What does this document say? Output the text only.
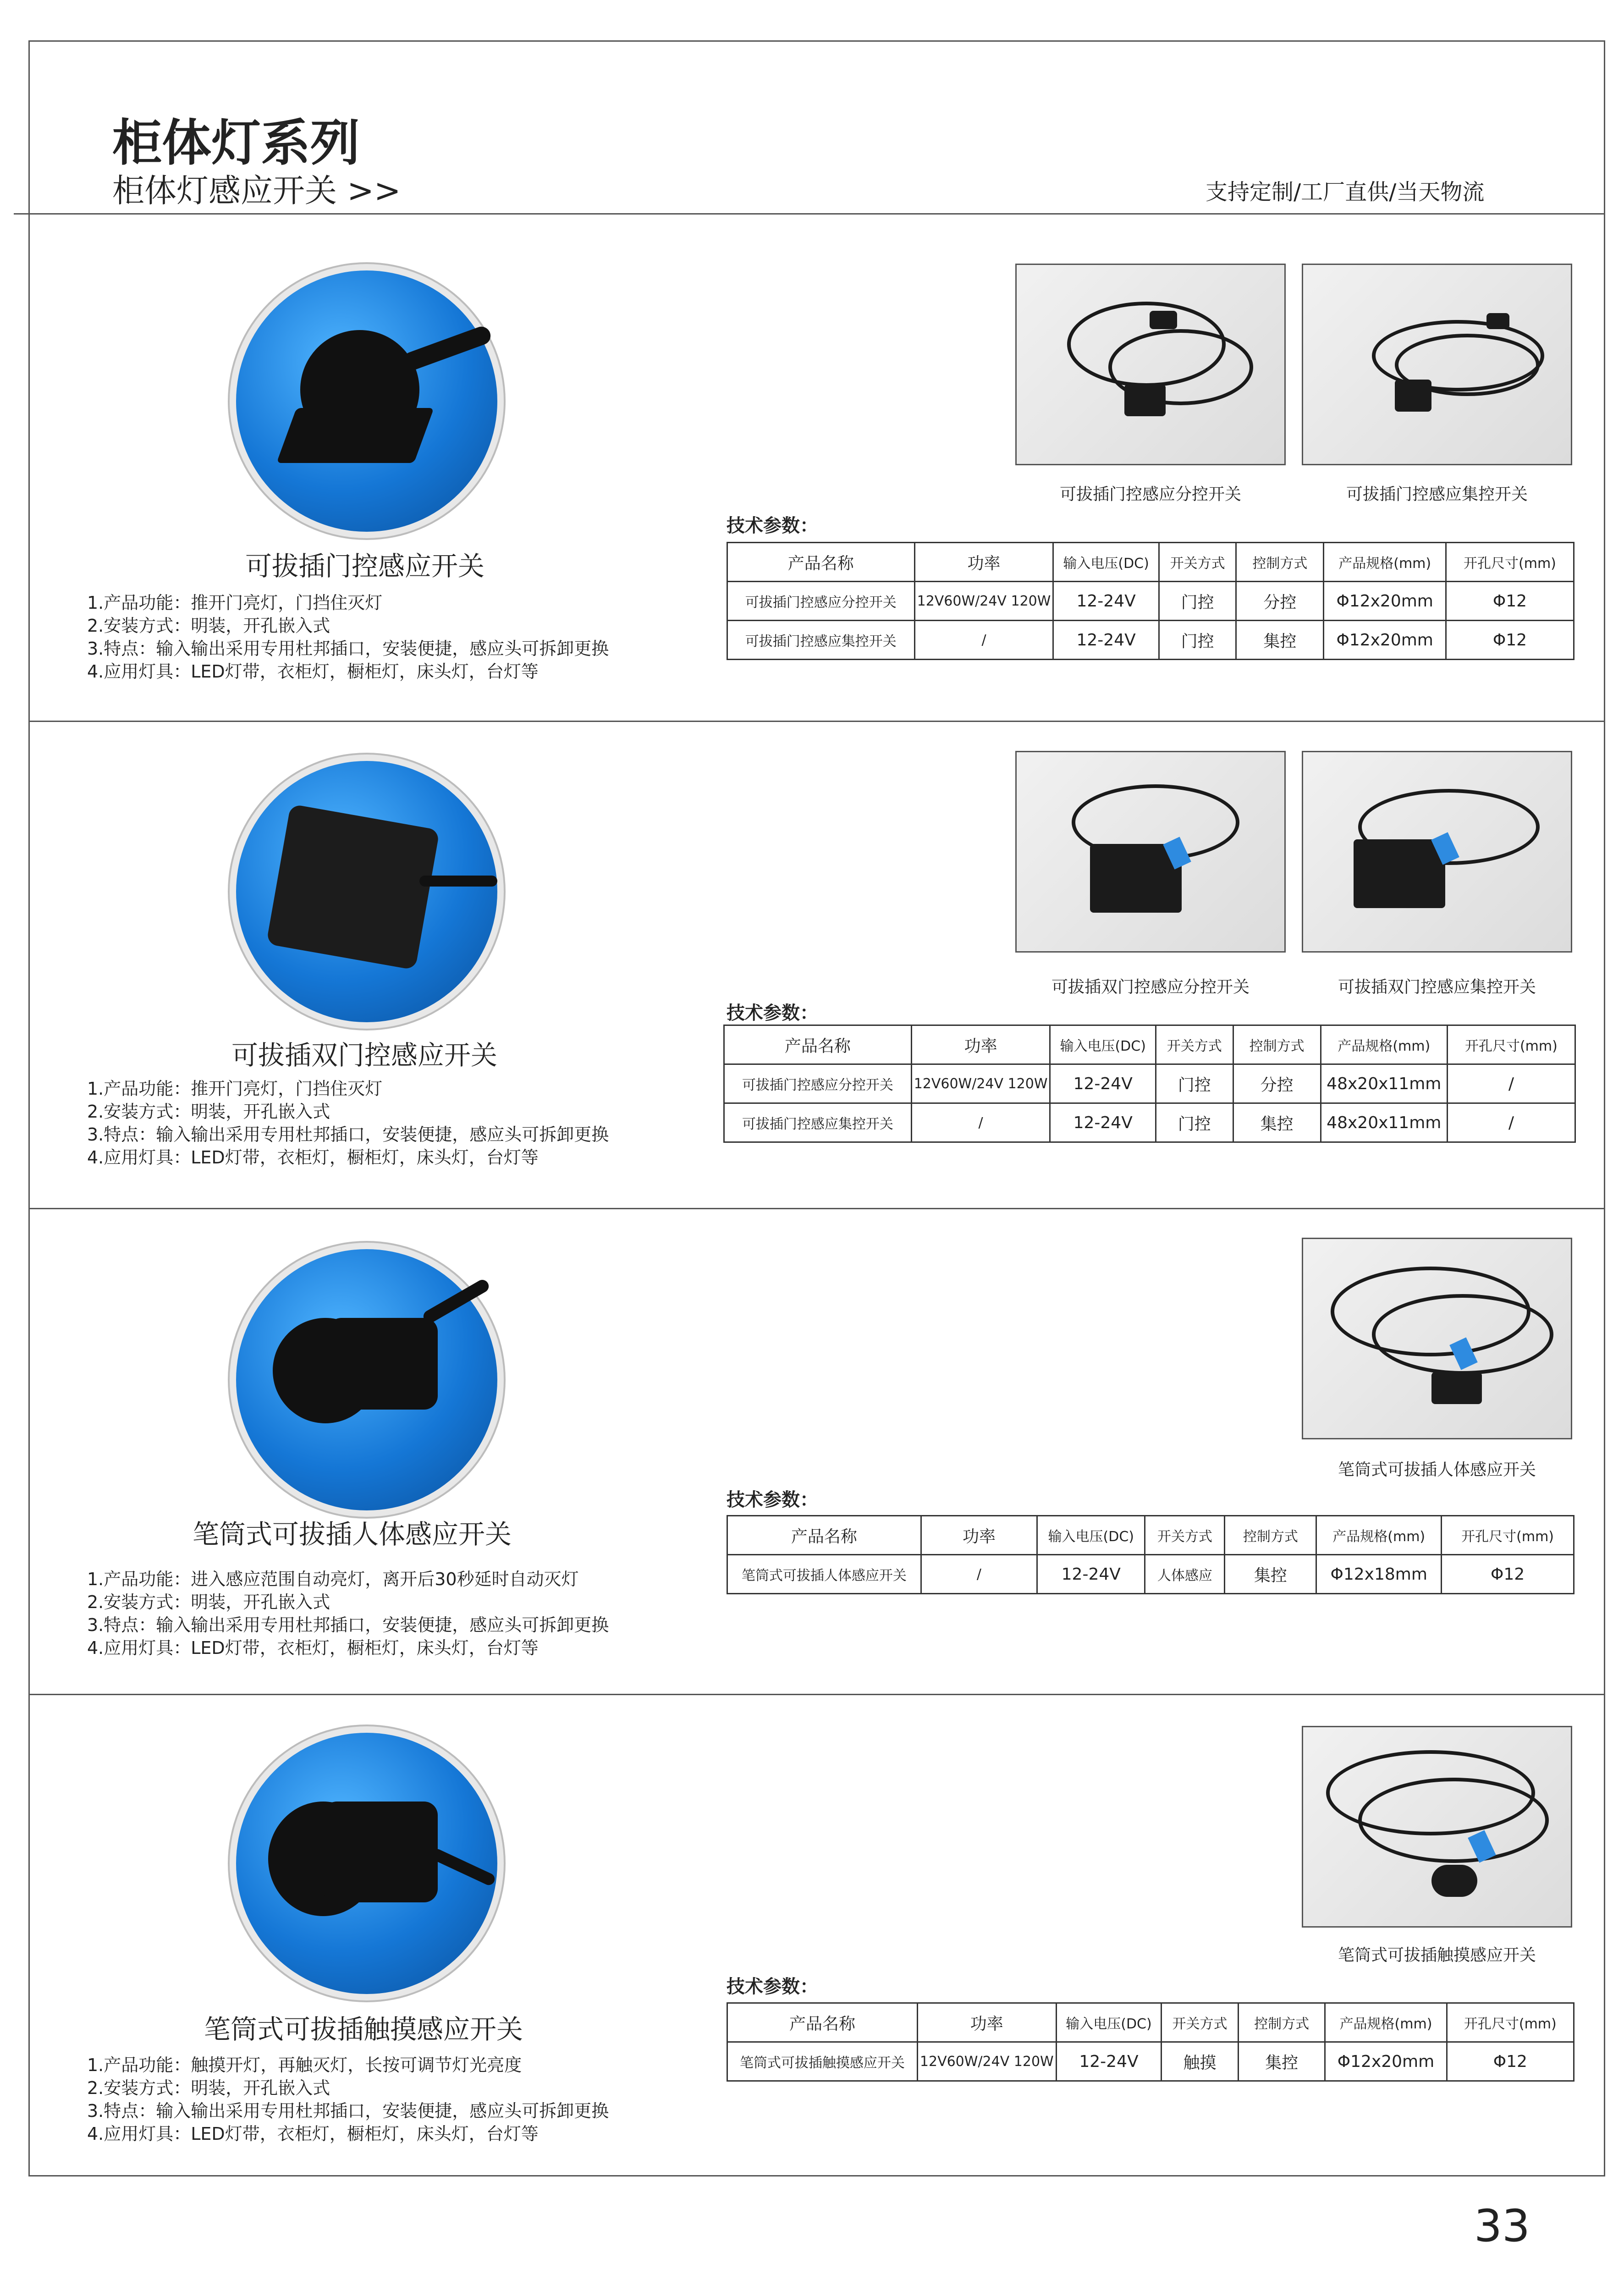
柜体灯系列
柜体灯感应开关 >>	支持定制/工厂直供/当天物流
可拔插门控感应开关
1.产品功能：推开门亮灯，门挡住灭灯
2.安装方式：明装，开孔嵌入式
3.特点：输入输出采用专用杜邦插口，安装便捷，感应头可拆卸更换
4.应用灯具：LED灯带，衣柜灯，橱柜灯，床头灯，台灯等
可拔插门控感应分控开关	可拔插门控感应集控开关
技术参数：
产品名称	功率	输入电压(DC)	开关方式	控制方式	产品规格(mm)	开孔尺寸(mm)
可拔插门控感应分控开关	12V60W/24V 120W	12-24V	门控	分控	Φ12x20mm	Φ12
可拔插门控感应集控开关	/	12-24V	门控	集控	Φ12x20mm	Φ12
可拔插双门控感应开关
1.产品功能：推开门亮灯，门挡住灭灯
2.安装方式：明装，开孔嵌入式
3.特点：输入输出采用专用杜邦插口，安装便捷，感应头可拆卸更换
4.应用灯具：LED灯带，衣柜灯，橱柜灯，床头灯，台灯等
可拔插双门控感应分控开关	可拔插双门控感应集控开关
技术参数：
产品名称	功率	输入电压(DC)	开关方式	控制方式	产品规格(mm)	开孔尺寸(mm)
可拔插门控感应分控开关	12V60W/24V 120W	12-24V	门控	分控	48x20x11mm	/
可拔插门控感应集控开关	/	12-24V	门控	集控	48x20x11mm	/
笔筒式可拔插人体感应开关
1.产品功能：进入感应范围自动亮灯，离开后30秒延时自动灭灯
2.安装方式：明装，开孔嵌入式
3.特点：输入输出采用专用杜邦插口，安装便捷，感应头可拆卸更换
4.应用灯具：LED灯带，衣柜灯，橱柜灯，床头灯，台灯等
笔筒式可拔插人体感应开关
技术参数：
产品名称	功率	输入电压(DC)	开关方式	控制方式	产品规格(mm)	开孔尺寸(mm)
笔筒式可拔插人体感应开关	/	12-24V	人体感应	集控	Φ12x18mm	Φ12
笔筒式可拔插触摸感应开关
1.产品功能：触摸开灯，再触灭灯，长按可调节灯光亮度
2.安装方式：明装，开孔嵌入式
3.特点：输入输出采用专用杜邦插口，安装便捷，感应头可拆卸更换
4.应用灯具：LED灯带，衣柜灯，橱柜灯，床头灯，台灯等
笔筒式可拔插触摸感应开关
技术参数：
产品名称	功率	输入电压(DC)	开关方式	控制方式	产品规格(mm)	开孔尺寸(mm)
笔筒式可拔插触摸感应开关	12V60W/24V 120W	12-24V	触摸	集控	Φ12x20mm	Φ12
33
